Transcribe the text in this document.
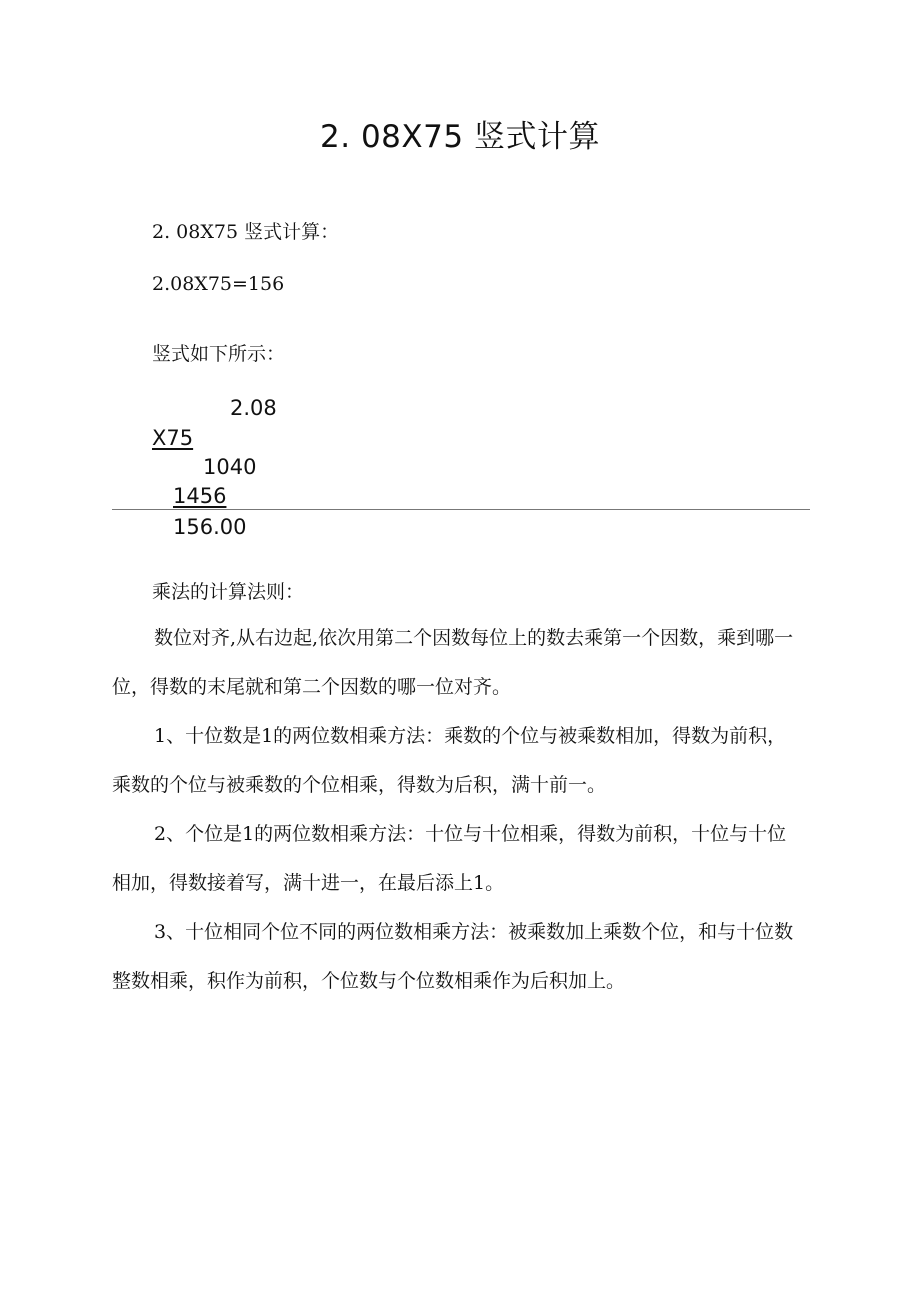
2. 08X75 竖式计算

2. 08X75 竖式计算：

2.08X75=156

竖式如下所示：

2.08
X75
1040
1456
156.00

乘法的计算法则：

数位对齐,从右边起,依次用第二个因数每位上的数去乘第一个因数，乘到哪一位，得数的末尾就和第二个因数的哪一位对齐。

1、十位数是1的两位数相乘方法：乘数的个位与被乘数相加，得数为前积，乘数的个位与被乘数的个位相乘，得数为后积，满十前一。

2、个位是1的两位数相乘方法：十位与十位相乘，得数为前积，十位与十位相加，得数接着写，满十进一，在最后添上1。

3、十位相同个位不同的两位数相乘方法：被乘数加上乘数个位，和与十位数整数相乘，积作为前积，个位数与个位数相乘作为后积加上。
